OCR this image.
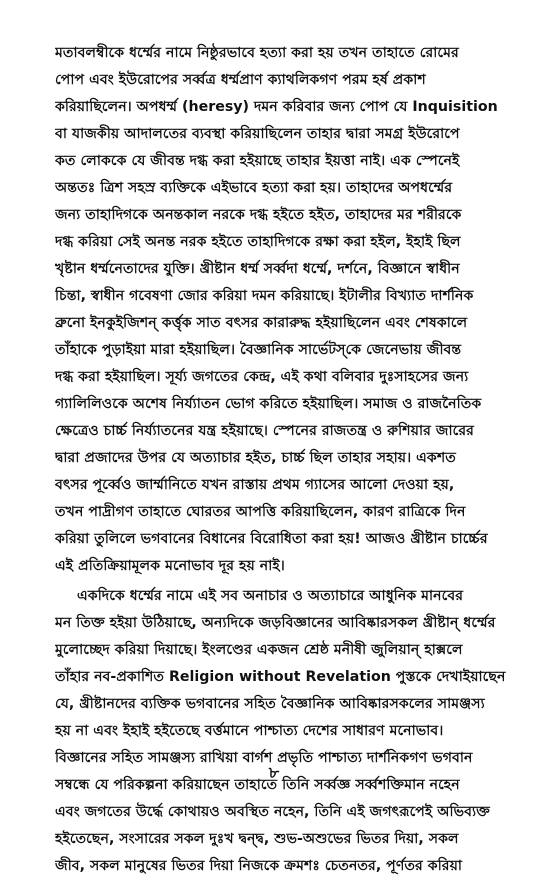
মতাবলম্বীকে ধর্ম্মের নামে নিষ্ঠুরভাবে হত্যা করা হয় তখন তাহাতে রোমের
পোপ এবং ইউরোপের সর্ব্বত্র ধর্ম্মপ্রাণ ক্যাথলিকগণ পরম হর্ষ প্রকাশ
করিয়াছিলেন। অপধর্ম্ম (heresy) দমন করিবার জন্য পোপ যে Inquisition
বা যাজকীয় আদালতের ব্যবস্থা করিয়াছিলেন তাহার দ্বারা সমগ্র ইউরোপে
কত লোককে যে জীবন্ত দগ্ধ করা হইয়াছে তাহার ইয়ত্তা নাই। এক স্পেনেই
অন্ততঃ ত্রিশ সহস্র ব্যক্তিকে এইভাবে হত্যা করা হয়। তাহাদের অপধর্ম্মের
জন্য তাহাদিগকে অনন্তকাল নরকে দগ্ধ হইতে হইত, তাহাদের মর শরীরকে
দগ্ধ করিয়া সেই অনন্ত নরক হইতে তাহাদিগকে রক্ষা করা হইল, ইহাই ছিল
খৃষ্টান ধর্ম্মনেতাদের যুক্তি। খ্রীষ্টান ধর্ম্ম সর্ব্বদা ধর্ম্মে, দর্শনে, বিজ্ঞানে স্বাধীন
চিন্তা, স্বাধীন গবেষণা জোর করিয়া দমন করিয়াছে। ইটালীর বিখ্যাত দার্শনিক
ব্রুনো ইনকুইজিশন্ কর্ত্তৃক সাত বৎসর কারারুদ্ধ হইয়াছিলেন এবং শেষকালে
তাঁহাকে পুড়াইয়া মারা হইয়াছিল। বৈজ্ঞানিক সার্ভেটস্‌কে জেনেভায় জীবন্ত
দগ্ধ করা হইয়াছিল। সূর্য্য জগতের কেন্দ্র, এই কথা বলিবার দুঃসাহসের জন্য
গ্যালিলিওকে অশেষ নির্য্যাতন ভোগ করিতে হইয়াছিল। সমাজ ও রাজনৈতিক
ক্ষেত্রেও চার্চ্চ নির্য্যাতনের যন্ত্র হইয়াছে। স্পেনের রাজতন্ত্র ও রুশিয়ার জারের
দ্বারা প্রজাদের উপর যে অত্যাচার হইত, চার্চ্চ ছিল তাহার সহায়। একশত
বৎসর পূর্ব্বেও জার্ম্মানিতে যখন রাস্তায় প্রথম গ্যাসের আলো দেওয়া হয়,
তখন পাদ্রীগণ তাহাতে ঘোরতর আপত্তি করিয়াছিলেন, কারণ রাত্রিকে দিন
করিয়া তুলিলে ভগবানের বিধানের বিরোধিতা করা হয়! আজও খ্রীষ্টান চার্চ্চের
এই প্রতিক্রিয়ামূলক মনোভাব দূর হয় নাই।
একদিকে ধর্ম্মের নামে এই সব অনাচার ও অত্যাচারে আধুনিক মানবের
মন তিক্ত হইয়া উঠিয়াছে, অন্যদিকে জড়বিজ্ঞানের আবিষ্কারসকল খ্রীষ্টান্ ধর্ম্মের
মুলোচ্ছেদ করিয়া দিয়াছে। ইংলণ্ডের একজন শ্রেষ্ঠ মনীষী জুলিয়ান্ হাক্সলে
তাঁহার নব-প্রকাশিত Religion without Revelation পুস্তকে দেখাইয়াছেন
যে, খ্রীষ্টানদের ব্যক্তিক ভগবানের সহিত বৈজ্ঞানিক আবিষ্কারসকলের সামঞ্জস্য
হয় না এবং ইহাই হইতেছে বর্ত্তমানে পাশ্চাত্য দেশের সাধারণ মনোভাব।
বিজ্ঞানের সহিত সামঞ্জস্য রাখিয়া বার্গশ প্রভৃতি পাশ্চাত্য দার্শনিকগণ ভগবান
সম্বন্ধে যে পরিকল্পনা করিয়াছেন তাহাতে তিনি সর্ব্বজ্ঞ সর্ব্বশক্তিমান নহেন
এবং জগতের উর্দ্ধে কোথায়ও অবস্থিত নহেন, তিনি এই জগৎরূপেই অভিব্যক্ত
হইতেছেন, সংসারের সকল দুঃখ দ্বন্দ্ব, শুভ-অশুভের ভিতর দিয়া, সকল
জীব, সকল মানুষের ভিতর দিয়া নিজকে ক্রমশঃ চেতনতর, পূর্ণতর করিয়া
৮
